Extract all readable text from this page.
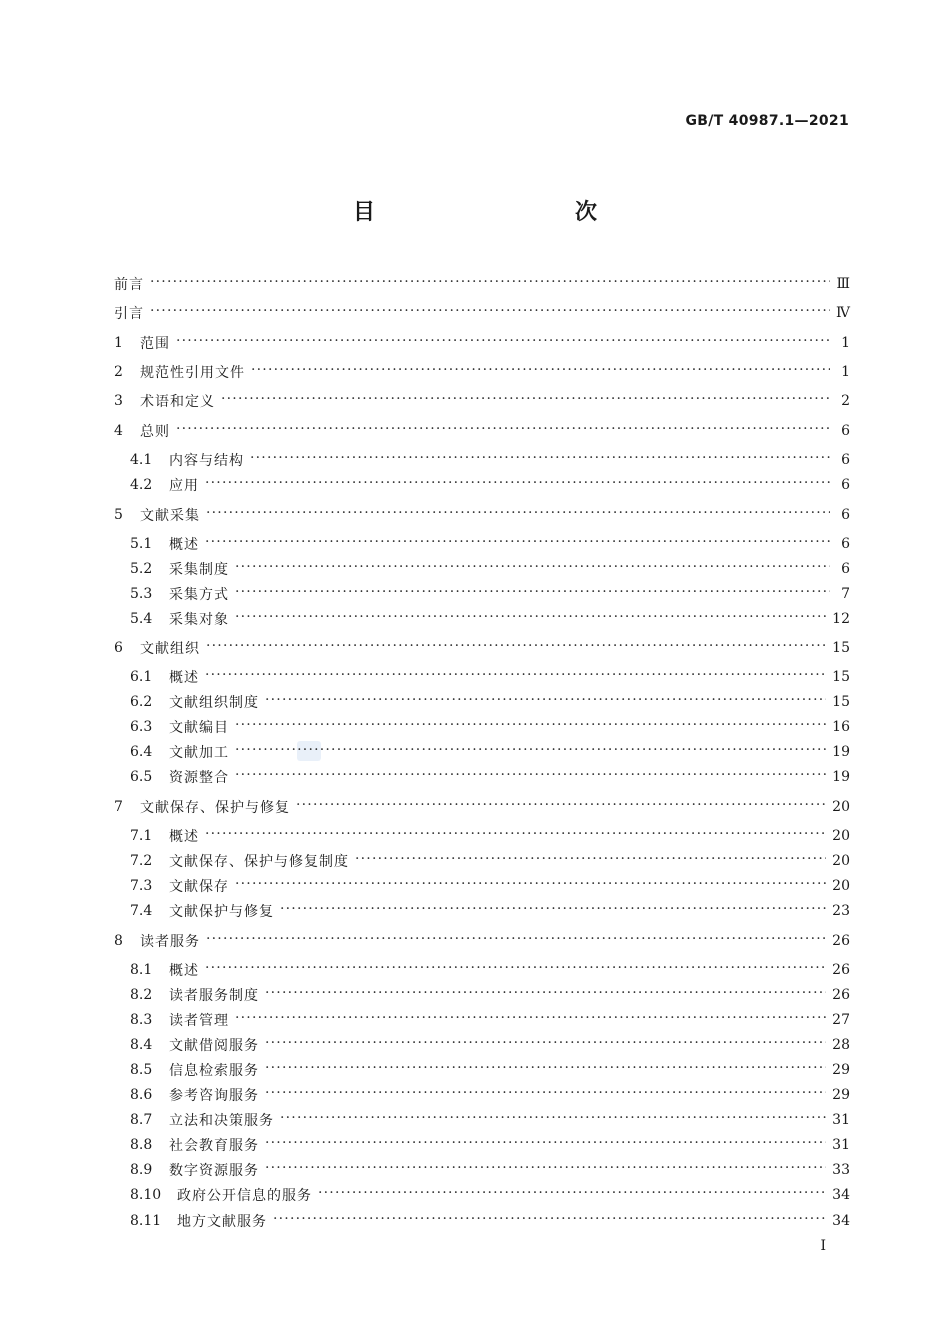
GB/T 40987.1—2021
目　　次
前言 ·····	Ⅲ
引言 ·····	Ⅳ
1	范围 ·····	1
2	规范性引用文件 ·····	1
3	术语和定义 ·····	2
4	总则 ·····	6
4.1	内容与结构 ·····	6
4.2	应用 ·····	6
5	文献采集 ·····	6
5.1	概述 ·····	6
5.2	采集制度 ·····	6
5.3	采集方式 ·····	7
5.4	采集对象 ·····	12
6	文献组织 ·····	15
6.1	概述 ·····	15
6.2	文献组织制度 ·····	15
6.3	文献编目 ·····	16
6.4	文献加工 ·····	19
6.5	资源整合 ·····	19
7	文献保存、保护与修复 ·····	20
7.1	概述 ·····	20
7.2	文献保存、保护与修复制度 ·····	20
7.3	文献保存 ·····	20
7.4	文献保护与修复 ·····	23
8	读者服务 ·····	26
8.1	概述 ·····	26
8.2	读者服务制度 ·····	26
8.3	读者管理 ·····	27
8.4	文献借阅服务 ·····	28
8.5	信息检索服务 ·····	29
8.6	参考咨询服务 ·····	29
8.7	立法和决策服务 ·····	31
8.8	社会教育服务 ·····	31
8.9	数字资源服务 ·····	33
8.10	政府公开信息的服务 ·····	34
8.11	地方文献服务 ·····	34
Ⅰ
